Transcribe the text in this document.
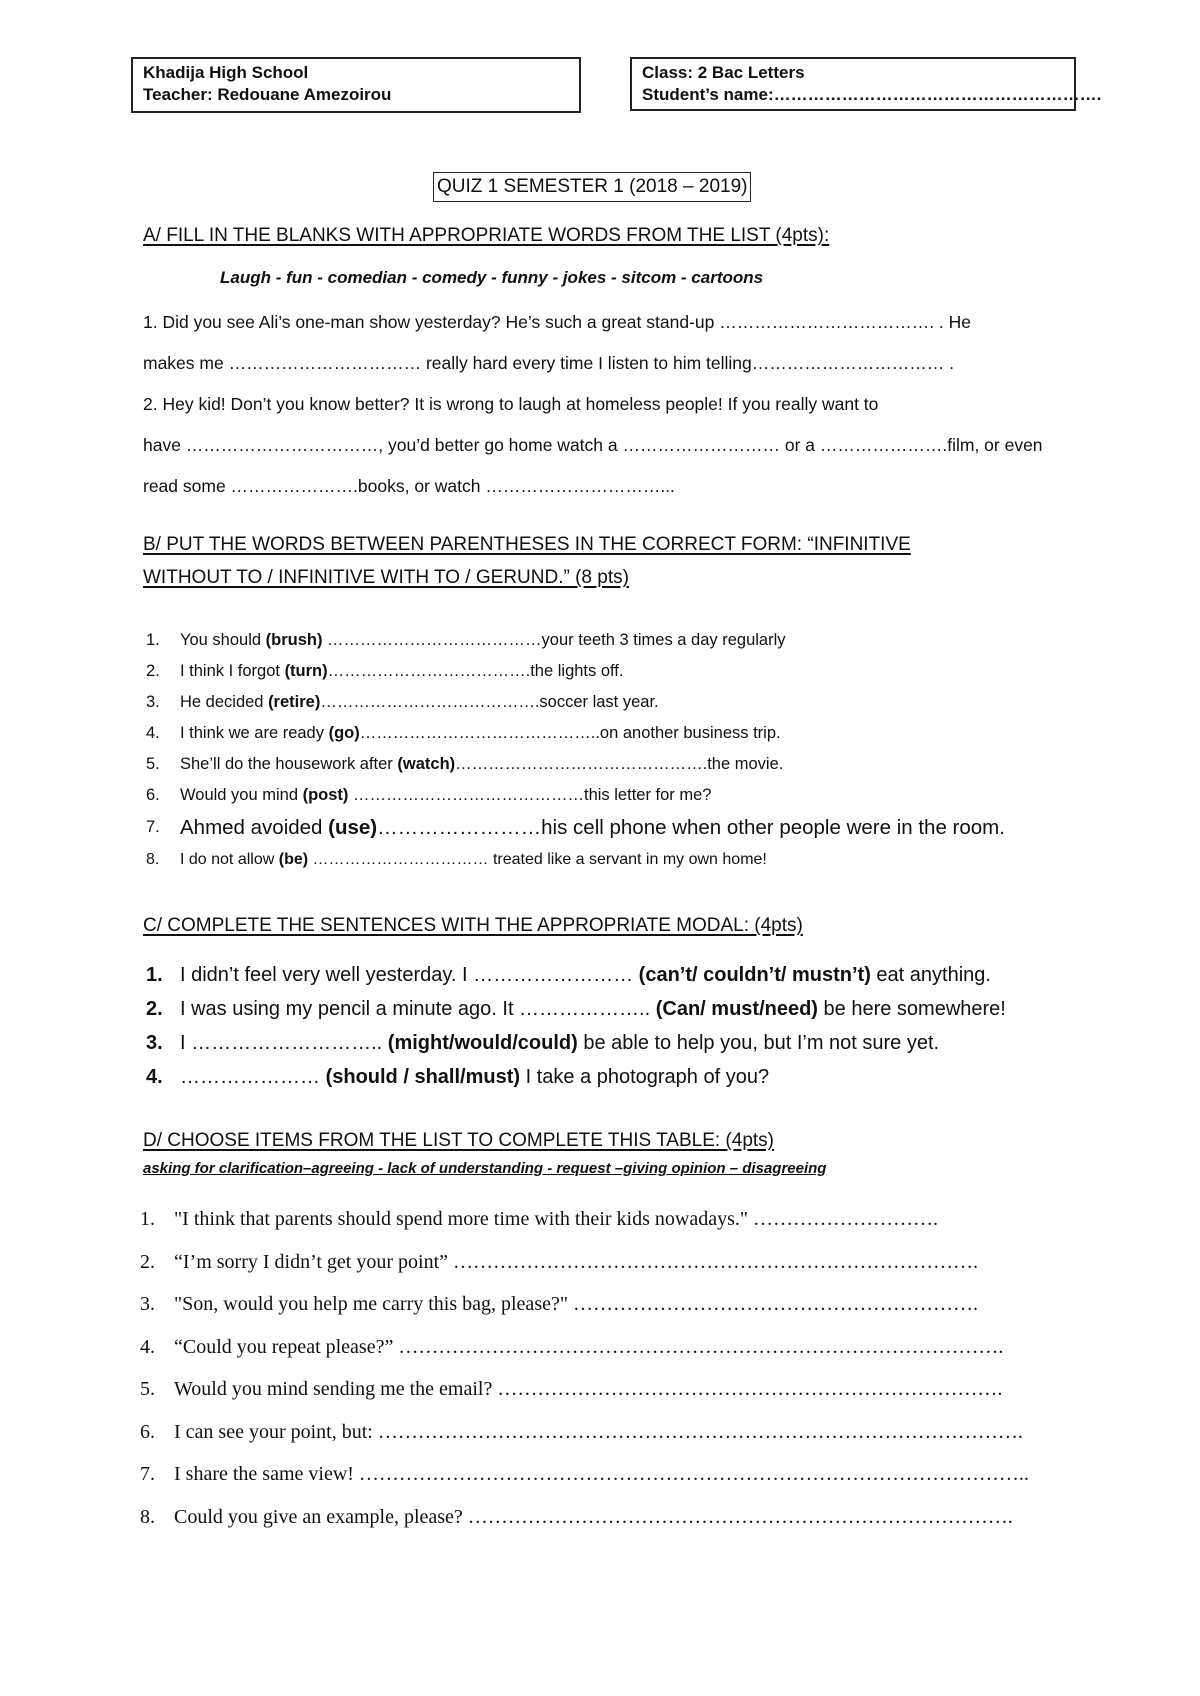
Khadija High School
Teacher: Redouane Amezoirou
Class: 2 Bac Letters
Student’s name:………………………………………………….
QUIZ 1 SEMESTER 1 (2018 – 2019)
A/ FILL IN THE BLANKS WITH APPROPRIATE WORDS FROM THE LIST (4pts):
Laugh - fun - comedian - comedy - funny - jokes - sitcom - cartoons

1. Did you see Ali’s one-man show yesterday? He’s such a great stand-up ………………………………. . He

makes me …………………………… really hard every time I listen to him telling…………………………… .

2. Hey kid! Don’t you know better? It is wrong to laugh at homeless people! If you really want to

have ……………………………, you’d better go home watch a ……………………… or a ………………….film, or even

read some ………………….books, or watch …………………………...

B/ PUT THE WORDS BETWEEN PARENTHESES IN THE CORRECT FORM: “INFINITIVE
WITHOUT TO / INFINITIVE WITH TO / GERUND.” (8 pts)
1. You should (brush) …………………………………your teeth 3 times a day regularly
2. I think I forgot (turn)……………………………….the lights off.
3. He decided (retire)………………………………….soccer last year.
4. I think we are ready (go)……………………………………..on another business trip.
5. She’ll do the housework after (watch)……………………………………….the movie.
6. Would you mind (post) ……………………………………this letter for me?
7. Ahmed avoided (use)……………………his cell phone when other people were in the room.
8. I do not allow (be) …………………………… treated like a servant in my own home!
C/ COMPLETE THE SENTENCES WITH THE APPROPRIATE MODAL: (4pts)
1. I didn’t feel very well yesterday. I …………………… (can’t/ couldn’t/ mustn’t) eat anything.
2. I was using my pencil a minute ago. It ……………….. (Can/ must/need) be here somewhere!
3. I ……………………….. (might/would/could) be able to help you, but I’m not sure yet.
4. ………………… (should / shall/must) I take a photograph of you?
D/ CHOOSE ITEMS FROM THE LIST TO COMPLETE THIS TABLE: (4pts)
asking for clarification–agreeing - lack of understanding - request –giving opinion – disagreeing
1. "I think that parents should spend more time with their kids nowadays." ……………………….
2. “I’m sorry I didn’t get your point” …………………………………………………………………….
3. "Son, would you help me carry this bag, please?" …………………………………………………….
4. “Could you repeat please?” ……………………………………………………………………………….
5. Would you mind sending me the email? ………………………………………………………………….
6. I can see your point, but: …………………………………………………………………………………….
7. I share the same view! ………………………………………………………………………………………..
8. Could you give an example, please? ……………………………………………………………………….
